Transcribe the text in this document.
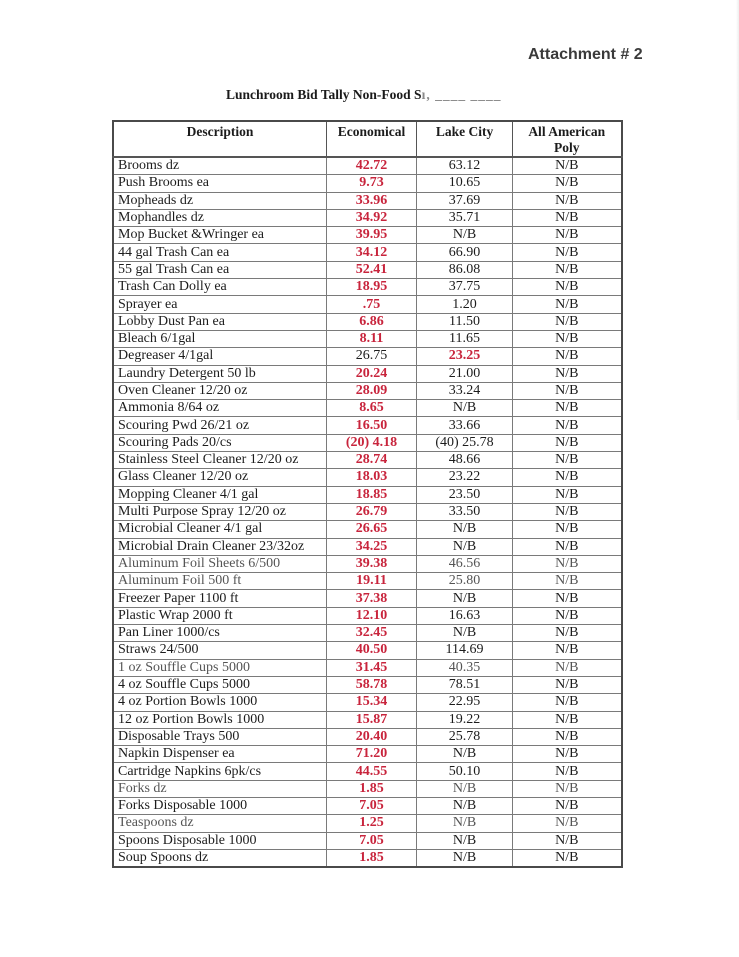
Attachment # 2
Lunchroom Bid Tally Non-Food Sı, ____ ____
Description	Economical	Lake City	All American Poly
Brooms dz	42.72	63.12	N/B
Push Brooms ea	9.73	10.65	N/B
Mopheads dz	33.96	37.69	N/B
Mophandles dz	34.92	35.71	N/B
Mop Bucket &Wringer ea	39.95	N/B	N/B
44 gal Trash Can ea	34.12	66.90	N/B
55 gal Trash Can ea	52.41	86.08	N/B
Trash Can Dolly ea	18.95	37.75	N/B
Sprayer ea	.75	1.20	N/B
Lobby Dust Pan ea	6.86	11.50	N/B
Bleach 6/1gal	8.11	11.65	N/B
Degreaser 4/1gal	26.75	23.25	N/B
Laundry Detergent 50 lb	20.24	21.00	N/B
Oven Cleaner 12/20 oz	28.09	33.24	N/B
Ammonia 8/64 oz	8.65	N/B	N/B
Scouring Pwd 26/21 oz	16.50	33.66	N/B
Scouring Pads 20/cs	(20) 4.18	(40) 25.78	N/B
Stainless Steel Cleaner 12/20 oz	28.74	48.66	N/B
Glass Cleaner 12/20 oz	18.03	23.22	N/B
Mopping Cleaner 4/1 gal	18.85	23.50	N/B
Multi Purpose Spray 12/20 oz	26.79	33.50	N/B
Microbial Cleaner 4/1 gal	26.65	N/B	N/B
Microbial Drain Cleaner 23/32oz	34.25	N/B	N/B
Aluminum Foil Sheets 6/500	39.38	46.56	N/B
Aluminum Foil 500 ft	19.11	25.80	N/B
Freezer Paper 1100 ft	37.38	N/B	N/B
Plastic Wrap 2000 ft	12.10	16.63	N/B
Pan Liner 1000/cs	32.45	N/B	N/B
Straws 24/500	40.50	114.69	N/B
1 oz Souffle Cups 5000	31.45	40.35	N/B
4 oz Souffle Cups 5000	58.78	78.51	N/B
4 oz Portion Bowls 1000	15.34	22.95	N/B
12 oz Portion Bowls 1000	15.87	19.22	N/B
Disposable Trays 500	20.40	25.78	N/B
Napkin Dispenser ea	71.20	N/B	N/B
Cartridge Napkins 6pk/cs	44.55	50.10	N/B
Forks dz	1.85	N/B	N/B
Forks Disposable 1000	7.05	N/B	N/B
Teaspoons dz	1.25	N/B	N/B
Spoons Disposable 1000	7.05	N/B	N/B
Soup Spoons dz	1.85	N/B	N/B
